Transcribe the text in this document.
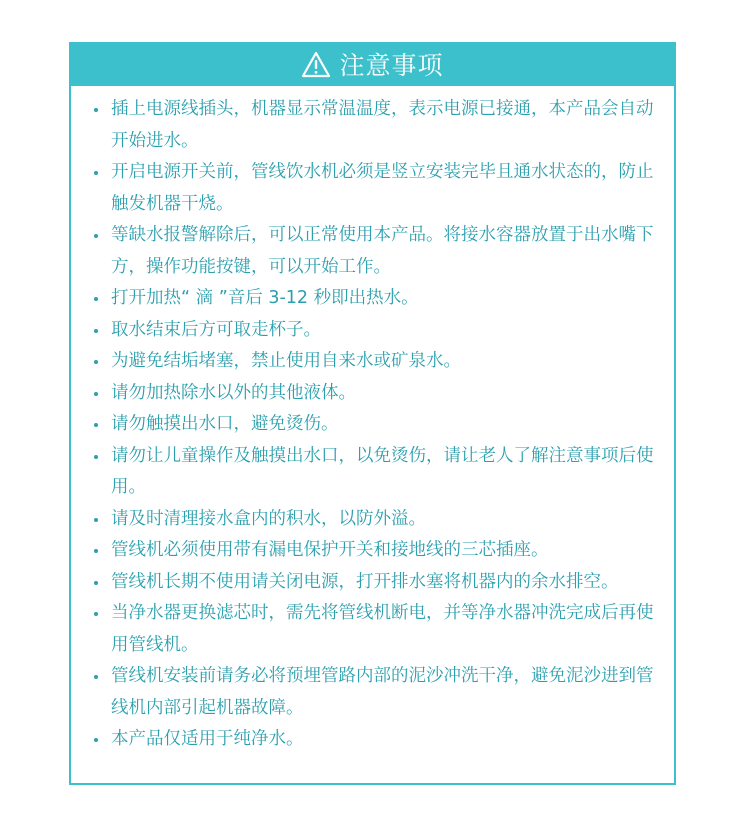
注意事项
插上电源线插头，机器显示常温温度，表示电源已接通，本产品会自动开始进水。
开启电源开关前，管线饮水机必须是竖立安装完毕且通水状态的，防止触发机器干烧。
等缺水报警解除后，可以正常使用本产品。将接水容器放置于出水嘴下方，操作功能按键，可以开始工作。
打开加热“ 滴 ”音后 3-12 秒即出热水。
取水结束后方可取走杯子。
为避免结垢堵塞，禁止使用自来水或矿泉水。
请勿加热除水以外的其他液体。
请勿触摸出水口，避免烫伤。
请勿让儿童操作及触摸出水口，以免烫伤，请让老人了解注意事项后使用。
请及时清理接水盒内的积水，以防外溢。
管线机必须使用带有漏电保护开关和接地线的三芯插座。
管线机长期不使用请关闭电源，打开排水塞将机器内的余水排空。
当净水器更换滤芯时，需先将管线机断电，并等净水器冲洗完成后再使用管线机。
管线机安装前请务必将预埋管路内部的泥沙冲洗干净，避免泥沙进到管线机内部引起机器故障。
本产品仅适用于纯净水。
